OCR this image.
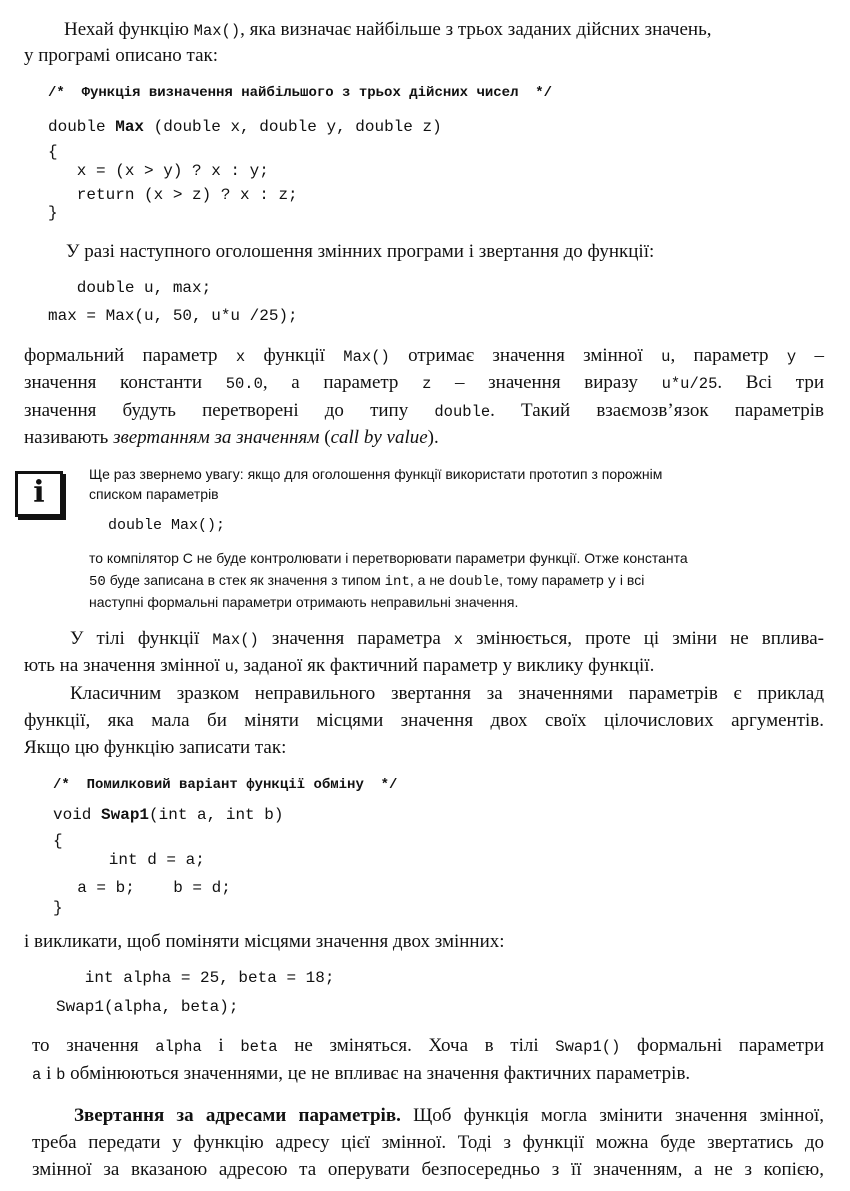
Нехай функцію Max(), яка визначає найбільше з трьох заданих дійсних значень,
у програмі описано так:
/*  Функція визначення найбільшого з трьох дійсних чисел  */
double Max (double x, double y, double z)
{
x = (x > y) ? x : y;
return (x > z) ? x : z;
}
У разі наступного оголошення змінних програми і звертання до функції:
double u, max;
max = Max(u, 50, u*u /25);
формальний параметр x функції Max() отримає значення змінної u, параметр y –
значення константи 50.0, а параметр z – значення виразу u*u/25. Всі три
значення будуть перетворені до типу double. Такий взаємозв’язок параметрів
називають звертанням за значенням (call by value).
i
Ще раз звернемо увагу: якщо для оголошення функції використати прототип з порожнім
списком параметрів
double Max();
то компілятор С не буде контролювати і перетворювати параметри функції. Отже константа
50 буде записана в стек як значення з типом int, а не double, тому параметр y і всі
наступні формальні параметри отримають неправильні значення.
У тілі функції Max() значення параметра x змінюється, проте ці зміни не вплива-
ють на значення змінної u, заданої як фактичний параметр у виклику функції.
Класичним зразком неправильного звертання за значеннями параметрів є приклад
функції, яка мала би міняти місцями значення двох своїх цілочислових аргументів.
Якщо цю функцію записати так:
/*  Помилковий варіант функції обміну  */
void Swap1(int a, int b)
{
int d = a;
a = b;    b = d;
}
і викликати, щоб поміняти місцями значення двох змінних:
int alpha = 25, beta = 18;
Swap1(alpha, beta);
то значення alpha і beta не зміняться. Хоча в тілі Swap1() формальні параметри
a і b обмінюються значеннями, це не впливає на значення фактичних параметрів.
Звертання за адресами параметрів. Щоб функція могла змінити значення змінної,
треба передати у функцію адресу цієї змінної. Тоді з функції можна буде звертатись до
змінної за вказаною адресою та оперувати безпосередньо з її значенням, а не з копією,
